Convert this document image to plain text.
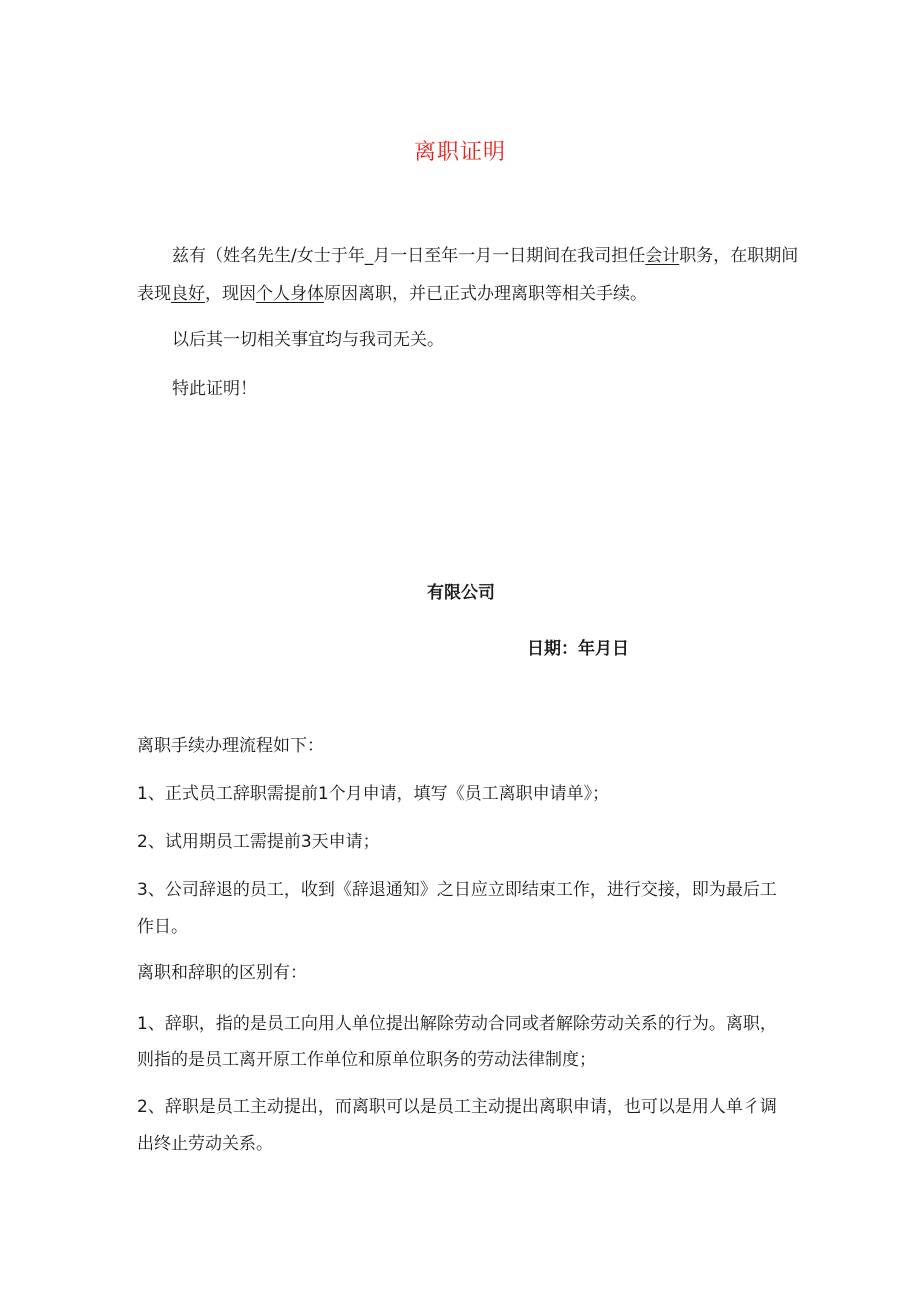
离职证明
兹有（姓名先生/女士于年_月一日至年一月一日期间在我司担任会计职务，在职期间
表现良好，现因个人身体原因离职，并已正式办理离职等相关手续。
以后其一切相关事宜均与我司无关。
特此证明！
有限公司
日期：年月日
离职手续办理流程如下：
1、正式员工辞职需提前1个月申请，填写《员工离职申请单》；
2、试用期员工需提前3天申请；
3、公司辞退的员工，收到《辞退通知》之日应立即结束工作，进行交接，即为最后工
作日。
离职和辞职的区别有：
1、辞职，指的是员工向用人单位提出解除劳动合同或者解除劳动关系的行为。离职，
则指的是员工离开原工作单位和原单位职务的劳动法律制度；
2、辞职是员工主动提出，而离职可以是员工主动提出离职申请，也可以是用人单彳调
出终止劳动关系。
